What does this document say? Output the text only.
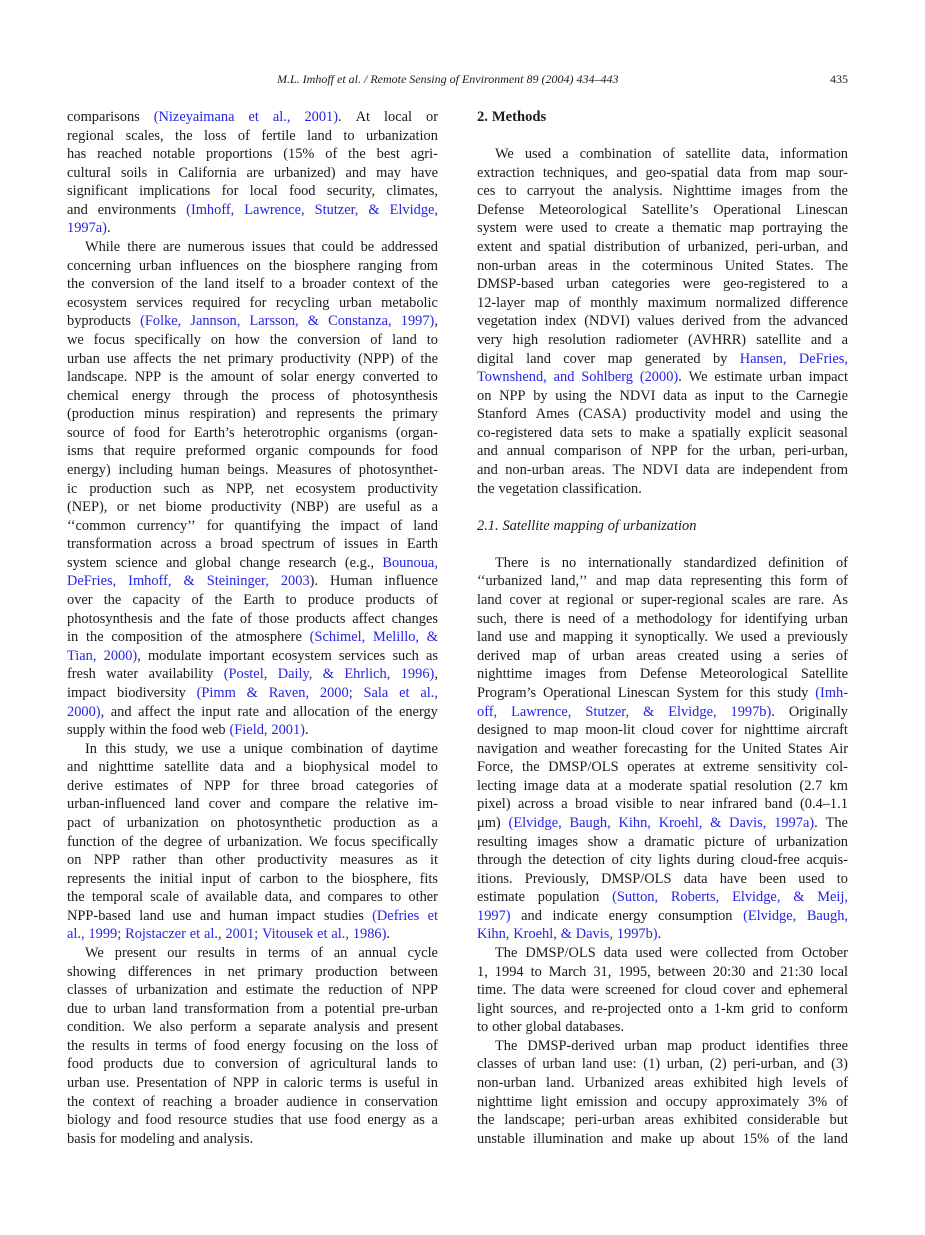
M.L. Imhoff et al. / Remote Sensing of Environment 89 (2004) 434–443	435
comparisons (Nizeyaimana et al., 2001). At local or
regional scales, the loss of fertile land to urbanization
has reached notable proportions (15% of the best agri-
cultural soils in California are urbanized) and may have
significant implications for local food security, climates,
and environments (Imhoff, Lawrence, Stutzer, & Elvidge,
1997a).
While there are numerous issues that could be addressed
concerning urban influences on the biosphere ranging from
the conversion of the land itself to a broader context of the
ecosystem services required for recycling urban metabolic
byproducts (Folke, Jannson, Larsson, & Constanza, 1997),
we focus specifically on how the conversion of land to
urban use affects the net primary productivity (NPP) of the
landscape. NPP is the amount of solar energy converted to
chemical energy through the process of photosynthesis
(production minus respiration) and represents the primary
source of food for Earth’s heterotrophic organisms (organ-
isms that require preformed organic compounds for food
energy) including human beings. Measures of photosynthet-
ic production such as NPP, net ecosystem productivity
(NEP), or net biome productivity (NBP) are useful as a
‘‘common currency’’ for quantifying the impact of land
transformation across a broad spectrum of issues in Earth
system science and global change research (e.g., Bounoua,
DeFries, Imhoff, & Steininger, 2003). Human influence
over the capacity of the Earth to produce products of
photosynthesis and the fate of those products affect changes
in the composition of the atmosphere (Schimel, Melillo, &
Tian, 2000), modulate important ecosystem services such as
fresh water availability (Postel, Daily, & Ehrlich, 1996),
impact biodiversity (Pimm & Raven, 2000; Sala et al.,
2000), and affect the input rate and allocation of the energy
supply within the food web (Field, 2001).
In this study, we use a unique combination of daytime
and nighttime satellite data and a biophysical model to
derive estimates of NPP for three broad categories of
urban-influenced land cover and compare the relative im-
pact of urbanization on photosynthetic production as a
function of the degree of urbanization. We focus specifically
on NPP rather than other productivity measures as it
represents the initial input of carbon to the biosphere, fits
the temporal scale of available data, and compares to other
NPP-based land use and human impact studies (Defries et
al., 1999; Rojstaczer et al., 2001; Vitousek et al., 1986).
We present our results in terms of an annual cycle
showing differences in net primary production between
classes of urbanization and estimate the reduction of NPP
due to urban land transformation from a potential pre-urban
condition. We also perform a separate analysis and present
the results in terms of food energy focusing on the loss of
food products due to conversion of agricultural lands to
urban use. Presentation of NPP in caloric terms is useful in
the context of reaching a broader audience in conservation
biology and food resource studies that use food energy as a
basis for modeling and analysis.
2. Methods
We used a combination of satellite data, information
extraction techniques, and geo-spatial data from map sour-
ces to carryout the analysis. Nighttime images from the
Defense Meteorological Satellite’s Operational Linescan
system were used to create a thematic map portraying the
extent and spatial distribution of urbanized, peri-urban, and
non-urban areas in the coterminous United States. The
DMSP-based urban categories were geo-registered to a
12-layer map of monthly maximum normalized difference
vegetation index (NDVI) values derived from the advanced
very high resolution radiometer (AVHRR) satellite and a
digital land cover map generated by Hansen, DeFries,
Townshend, and Sohlberg (2000). We estimate urban impact
on NPP by using the NDVI data as input to the Carnegie
Stanford Ames (CASA) productivity model and using the
co-registered data sets to make a spatially explicit seasonal
and annual comparison of NPP for the urban, peri-urban,
and non-urban areas. The NDVI data are independent from
the vegetation classification.
2.1. Satellite mapping of urbanization
There is no internationally standardized definition of
‘‘urbanized land,’’ and map data representing this form of
land cover at regional or super-regional scales are rare. As
such, there is need of a methodology for identifying urban
land use and mapping it synoptically. We used a previously
derived map of urban areas created using a series of
nighttime images from Defense Meteorological Satellite
Program’s Operational Linescan System for this study (Imh-
off, Lawrence, Stutzer, & Elvidge, 1997b). Originally
designed to map moon-lit cloud cover for nighttime aircraft
navigation and weather forecasting for the United States Air
Force, the DMSP/OLS operates at extreme sensitivity col-
lecting image data at a moderate spatial resolution (2.7 km
pixel) across a broad visible to near infrared band (0.4–1.1
μm) (Elvidge, Baugh, Kihn, Kroehl, & Davis, 1997a). The
resulting images show a dramatic picture of urbanization
through the detection of city lights during cloud-free acquis-
itions. Previously, DMSP/OLS data have been used to
estimate population (Sutton, Roberts, Elvidge, & Meij,
1997) and indicate energy consumption (Elvidge, Baugh,
Kihn, Kroehl, & Davis, 1997b).
The DMSP/OLS data used were collected from October
1, 1994 to March 31, 1995, between 20:30 and 21:30 local
time. The data were screened for cloud cover and ephemeral
light sources, and re-projected onto a 1-km grid to conform
to other global databases.
The DMSP-derived urban map product identifies three
classes of urban land use: (1) urban, (2) peri-urban, and (3)
non-urban land. Urbanized areas exhibited high levels of
nighttime light emission and occupy approximately 3% of
the landscape; peri-urban areas exhibited considerable but
unstable illumination and make up about 15% of the land
